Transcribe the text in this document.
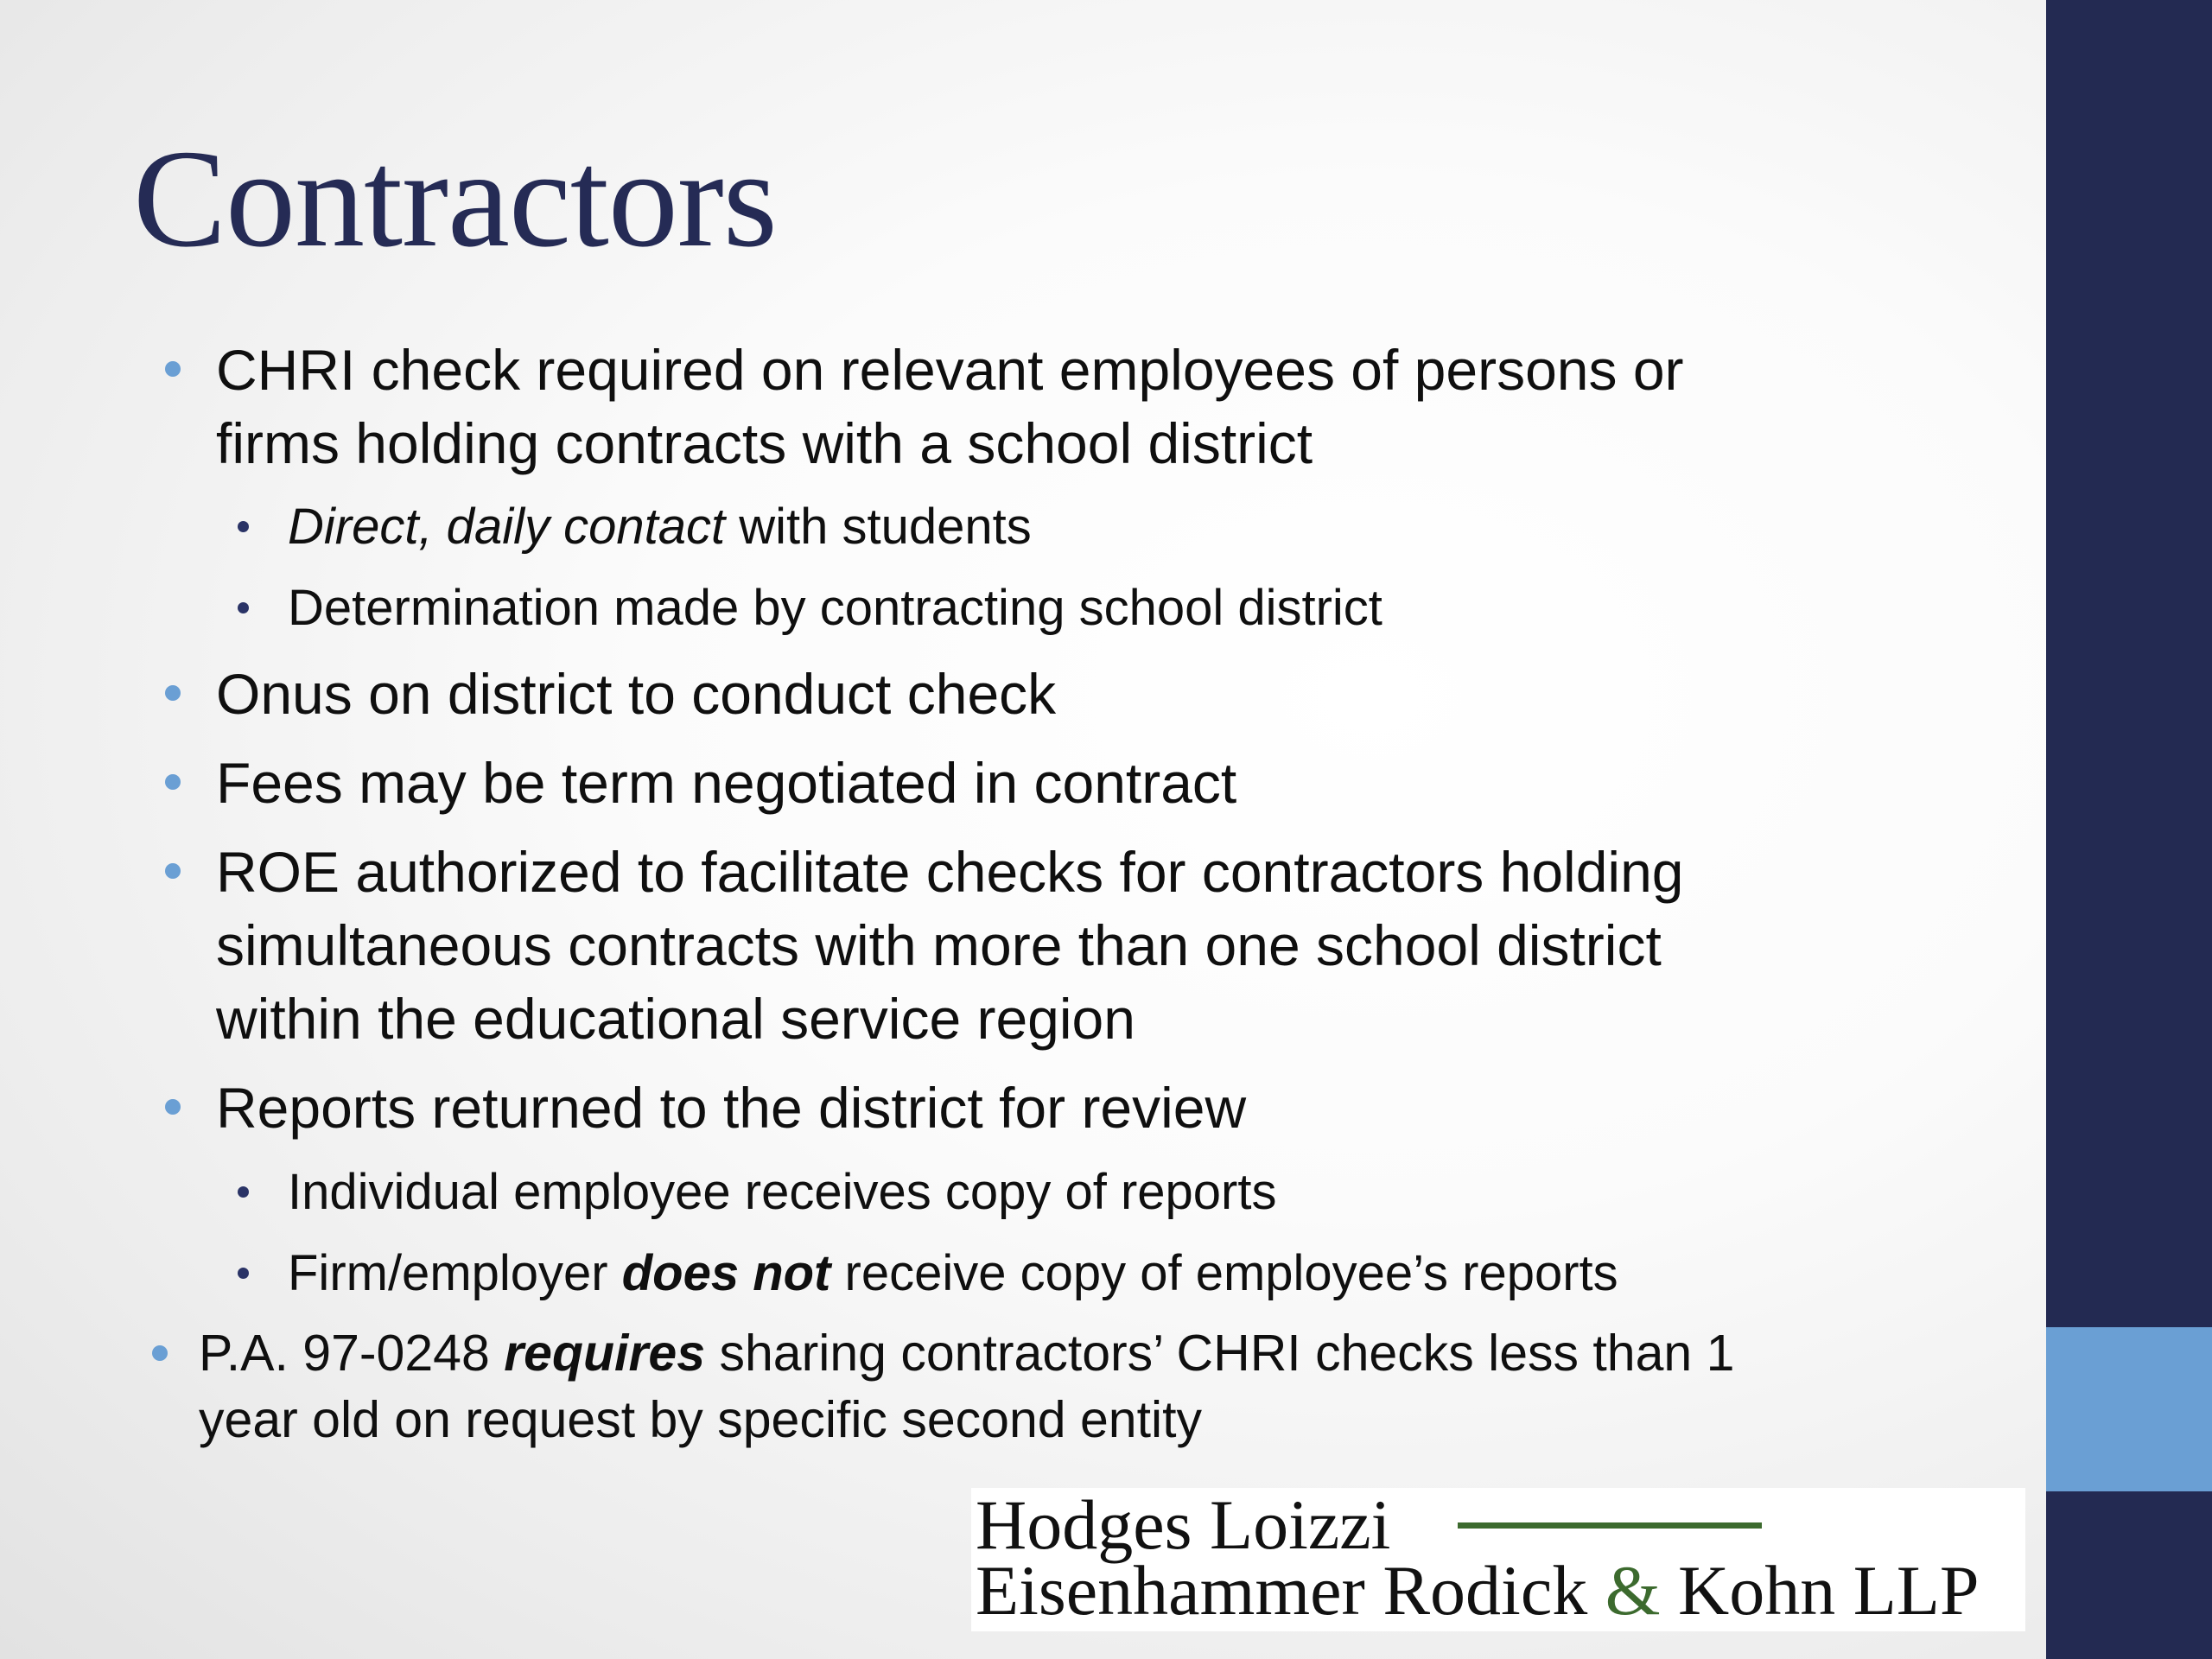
Contractors
CHRI check required on relevant employees of persons or
firms holding contracts with a school district
Direct, daily contact with students
Determination made by contracting school district
Onus on district to conduct check
Fees may be term negotiated in contract
ROE authorized to facilitate checks for contractors holding
simultaneous contracts with more than one school district
within the educational service region
Reports returned to the district for review
Individual employee receives copy of reports
Firm/employer does not receive copy of employee’s reports
P.A. 97-0248 requires sharing contractors’ CHRI checks less than 1
year old on request by specific second entity
Hodges Loizzi
Eisenhammer Rodick & Kohn LLP
